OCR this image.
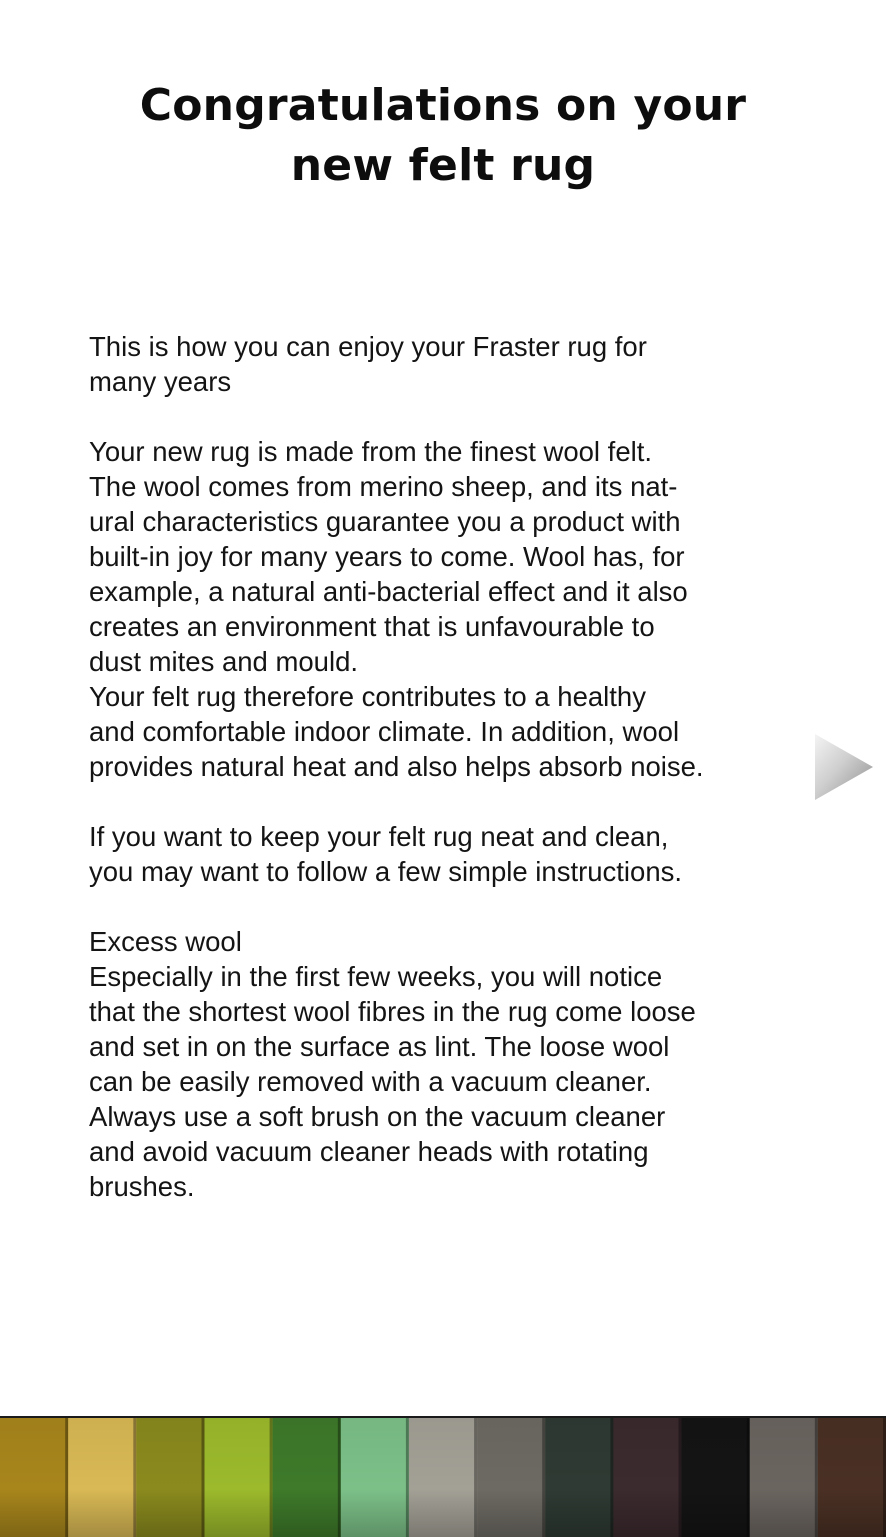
Congratulations on your
new felt rug

This is how you can enjoy your Fraster rug for

many years

Your new rug is made from the finest wool felt.

The wool comes from merino sheep, and its nat-

ural characteristics guarantee you a product with

built-in joy for many years to come. Wool has, for

example, a natural anti-bacterial effect and it also

creates an environment that is unfavourable to

dust mites and mould.

Your felt rug therefore contributes to a healthy

and comfortable indoor climate. In addition, wool

provides natural heat and also helps absorb noise.

If you want to keep your felt rug neat and clean,

you may want to follow a few simple instructions.

Excess wool

Especially in the first few weeks, you will notice

that the shortest wool fibres in the rug come loose

and set in on the surface as lint. The loose wool

can be easily removed with a vacuum cleaner.

Always use a soft brush on the vacuum cleaner

and avoid vacuum cleaner heads with rotating

brushes.
